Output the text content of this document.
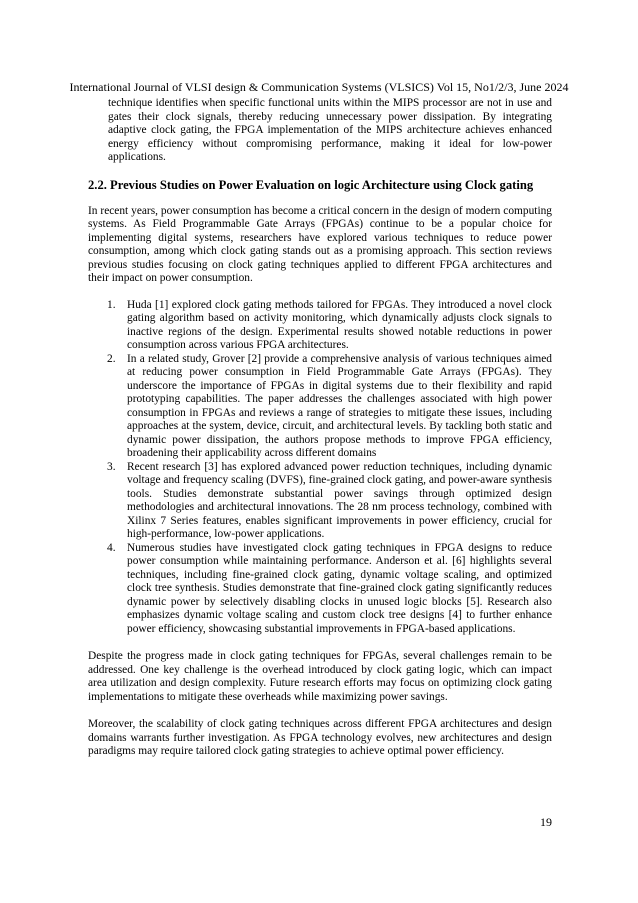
International Journal of VLSI design & Communication Systems (VLSICS) Vol 15, No1/2/3, June 2024

technique identifies when specific functional units within the MIPS processor are not in use and gates their clock signals, thereby reducing unnecessary power dissipation. By integrating adaptive clock gating, the FPGA implementation of the MIPS architecture achieves enhanced energy efficiency without compromising performance, making it ideal for low-power applications.

2.2. Previous Studies on Power Evaluation on logic Architecture using Clock gating

In recent years, power consumption has become a critical concern in the design of modern computing systems. As Field Programmable Gate Arrays (FPGAs) continue to be a popular choice for implementing digital systems, researchers have explored various techniques to reduce power consumption, among which clock gating stands out as a promising approach. This section reviews previous studies focusing on clock gating techniques applied to different FPGA architectures and their impact on power consumption.

1. Huda [1] explored clock gating methods tailored for FPGAs. They introduced a novel clock gating algorithm based on activity monitoring, which dynamically adjusts clock signals to inactive regions of the design. Experimental results showed notable reductions in power consumption across various FPGA architectures.
2. In a related study, Grover [2] provide a comprehensive analysis of various techniques aimed at reducing power consumption in Field Programmable Gate Arrays (FPGAs). They underscore the importance of FPGAs in digital systems due to their flexibility and rapid prototyping capabilities. The paper addresses the challenges associated with high power consumption in FPGAs and reviews a range of strategies to mitigate these issues, including approaches at the system, device, circuit, and architectural levels. By tackling both static and dynamic power dissipation, the authors propose methods to improve FPGA efficiency, broadening their applicability across different domains
3. Recent research [3] has explored advanced power reduction techniques, including dynamic voltage and frequency scaling (DVFS), fine-grained clock gating, and power-aware synthesis tools. Studies demonstrate substantial power savings through optimized design methodologies and architectural innovations. The 28 nm process technology, combined with Xilinx 7 Series features, enables significant improvements in power efficiency, crucial for high-performance, low-power applications.
4. Numerous studies have investigated clock gating techniques in FPGA designs to reduce power consumption while maintaining performance. Anderson et al. [6] highlights several techniques, including fine-grained clock gating, dynamic voltage scaling, and optimized clock tree synthesis. Studies demonstrate that fine-grained clock gating significantly reduces dynamic power by selectively disabling clocks in unused logic blocks [5]. Research also emphasizes dynamic voltage scaling and custom clock tree designs [4] to further enhance power efficiency, showcasing substantial improvements in FPGA-based applications.

Despite the progress made in clock gating techniques for FPGAs, several challenges remain to be addressed. One key challenge is the overhead introduced by clock gating logic, which can impact area utilization and design complexity. Future research efforts may focus on optimizing clock gating implementations to mitigate these overheads while maximizing power savings.

Moreover, the scalability of clock gating techniques across different FPGA architectures and design domains warrants further investigation. As FPGA technology evolves, new architectures and design paradigms may require tailored clock gating strategies to achieve optimal power efficiency.

19
